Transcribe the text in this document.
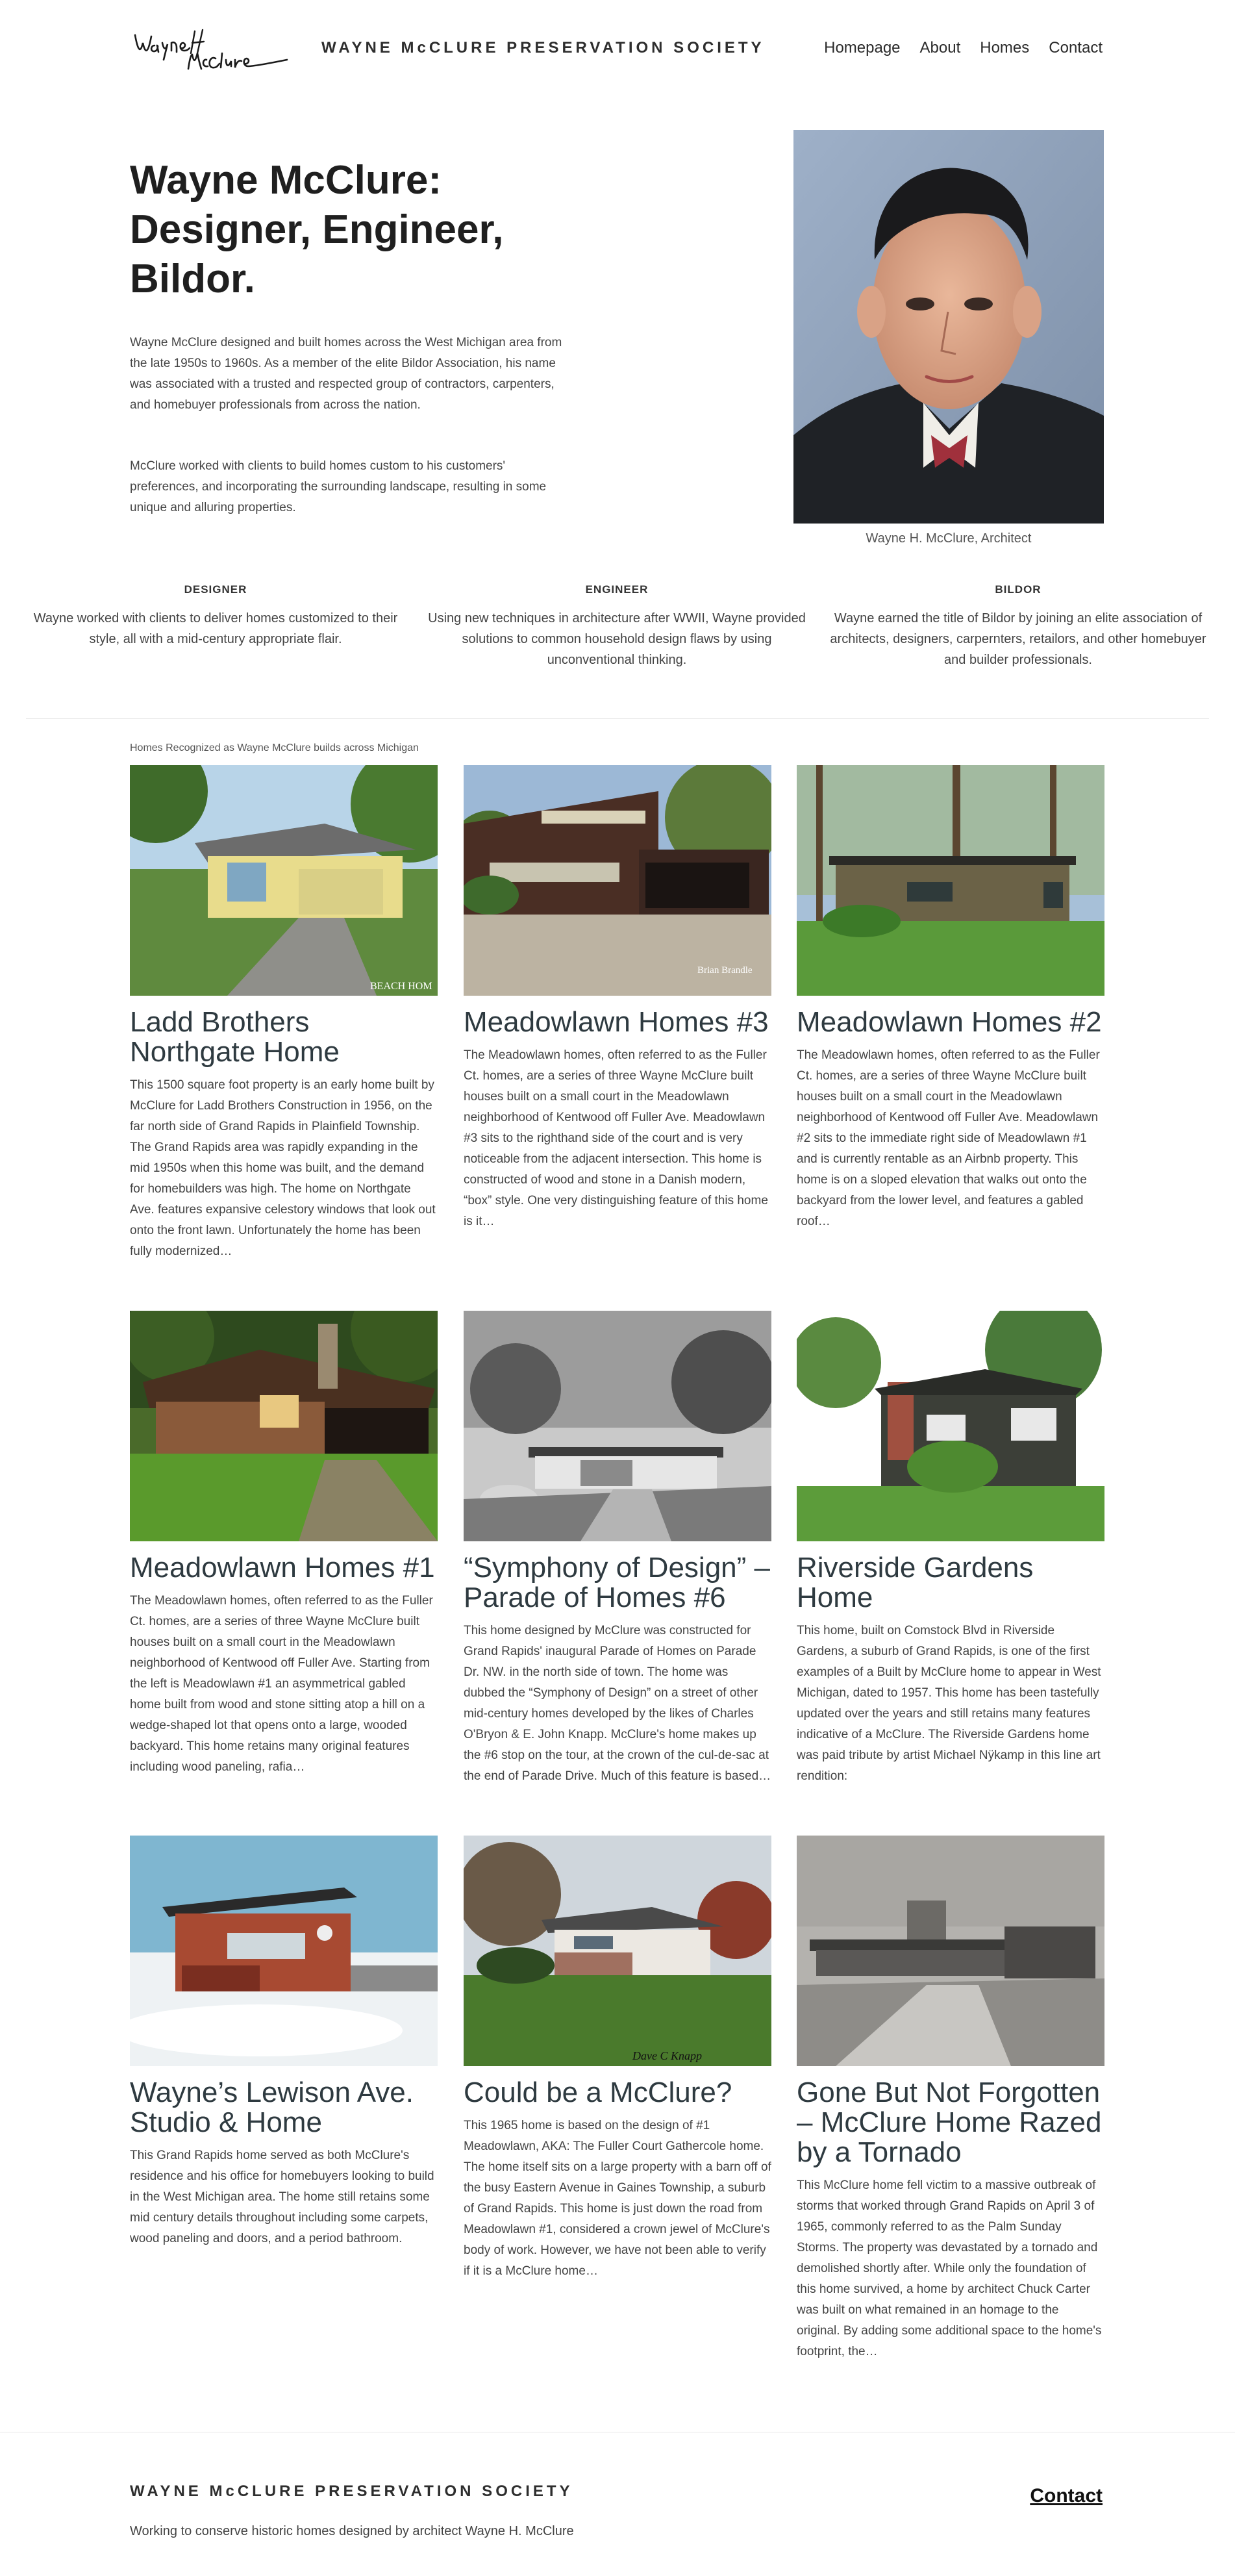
WAYNE McCLURE PRESERVATION SOCIETY	Homepage About Homes Contact
Wayne McClure: Designer, Engineer, Bildor.

Wayne McClure designed and built homes across the West Michigan area from the late 1950s to 1960s. As a member of the elite Bildor Association, his name was associated with a trusted and respected group of contractors, carpenters, and homebuyer professionals from across the nation.

McClure worked with clients to build homes custom to his customers' preferences, and incorporating the surrounding landscape, resulting in some unique and alluring properties.

Wayne H. McClure, Architect
DESIGNER

Wayne worked with clients to deliver homes customized to their style, all with a mid-century appropriate flair.

ENGINEER

Using new techniques in architecture after WWII, Wayne provided solutions to common household design flaws by using unconventional thinking.

BILDOR

Wayne earned the title of Bildor by joining an elite association of architects, designers, carpernters, retailors, and other homebuyer and builder professionals.

Homes Recognized as Wayne McClure builds across Michigan
BEACH HOM
Ladd Brothers Northgate Home

This 1500 square foot property is an early home built by McClure for Ladd Brothers Construction in 1956, on the far north side of Grand Rapids in Plainfield Township. The Grand Rapids area was rapidly expanding in the mid 1950s when this home was built, and the demand for homebuilders was high. The home on Northgate Ave. features expansive celestory windows that look out onto the front lawn. Unfortunately the home has been fully modernized…

Brian Brandle
Meadowlawn Homes #3

The Meadowlawn homes, often referred to as the Fuller Ct. homes, are a series of three Wayne McClure built houses built on a small court in the Meadowlawn neighborhood of Kentwood off Fuller Ave. Meadowlawn #3 sits to the righthand side of the court and is very noticeable from the adjacent intersection. This home is constructed of wood and stone in a Danish modern, “box” style. One very distinguishing feature of this home is it…

Meadowlawn Homes #2

The Meadowlawn homes, often referred to as the Fuller Ct. homes, are a series of three Wayne McClure built houses built on a small court in the Meadowlawn neighborhood of Kentwood off Fuller Ave. Meadowlawn #2 sits to the immediate right side of Meadowlawn #1 and is currently rentable as an Airbnb property. This home is on a sloped elevation that walks out onto the backyard from the lower level, and features a gabled roof…

Meadowlawn Homes #1

The Meadowlawn homes, often referred to as the Fuller Ct. homes, are a series of three Wayne McClure built houses built on a small court in the Meadowlawn neighborhood of Kentwood off Fuller Ave. Starting from the left is Meadowlawn #1 an asymmetrical gabled home built from wood and stone sitting atop a hill on a wedge-shaped lot that opens onto a large, wooded backyard. This home retains many original features including wood paneling, rafia…

“Symphony of Design” – Parade of Homes #6

This home designed by McClure was constructed for Grand Rapids' inaugural Parade of Homes on Parade Dr. NW. in the north side of town. The home was dubbed the “Symphony of Design” on a street of other mid-century homes developed by the likes of Charles O'Bryon & E. John Knapp. McClure's home makes up the #6 stop on the tour, at the crown of the cul-de-sac at the end of Parade Drive. Much of this feature is based…

Riverside Gardens Home

This home, built on Comstock Blvd in Riverside Gardens, a suburb of Grand Rapids, is one of the first examples of a Built by McClure home to appear in West Michigan, dated to 1957. This home has been tastefully updated over the years and still retains many features indicative of a McClure. The Riverside Gardens home was paid tribute by artist Michael Nÿkamp in this line art rendition:

Wayne’s Lewison Ave. Studio & Home

This Grand Rapids home served as both McClure's residence and his office for homebuyers looking to build in the West Michigan area. The home still retains some mid century details throughout including some carpets, wood paneling and doors, and a period bathroom.

Dave C Knapp
Could be a McClure?

This 1965 home is based on the design of #1 Meadowlawn, AKA: The Fuller Court Gathercole home. The home itself sits on a large property with a barn off of the busy Eastern Avenue in Gaines Township, a suburb of Grand Rapids. This home is just down the road from Meadowlawn #1, considered a crown jewel of McClure's body of work. However, we have not been able to verify if it is a McClure home…

Gone But Not Forgotten – McClure Home Razed by a Tornado

This McClure home fell victim to a massive outbreak of storms that worked through Grand Rapids on April 3 of 1965, commonly referred to as the Palm Sunday Storms. The property was devastated by a tornado and demolished shortly after. While only the foundation of this home survived, a home by architect Chuck Carter was built on what remained in an homage to the original. By adding some additional space to the home's footprint, the…

WAYNE McCLURE PRESERVATION SOCIETY	Contact
Working to conserve historic homes designed by architect Wayne H. McClure
